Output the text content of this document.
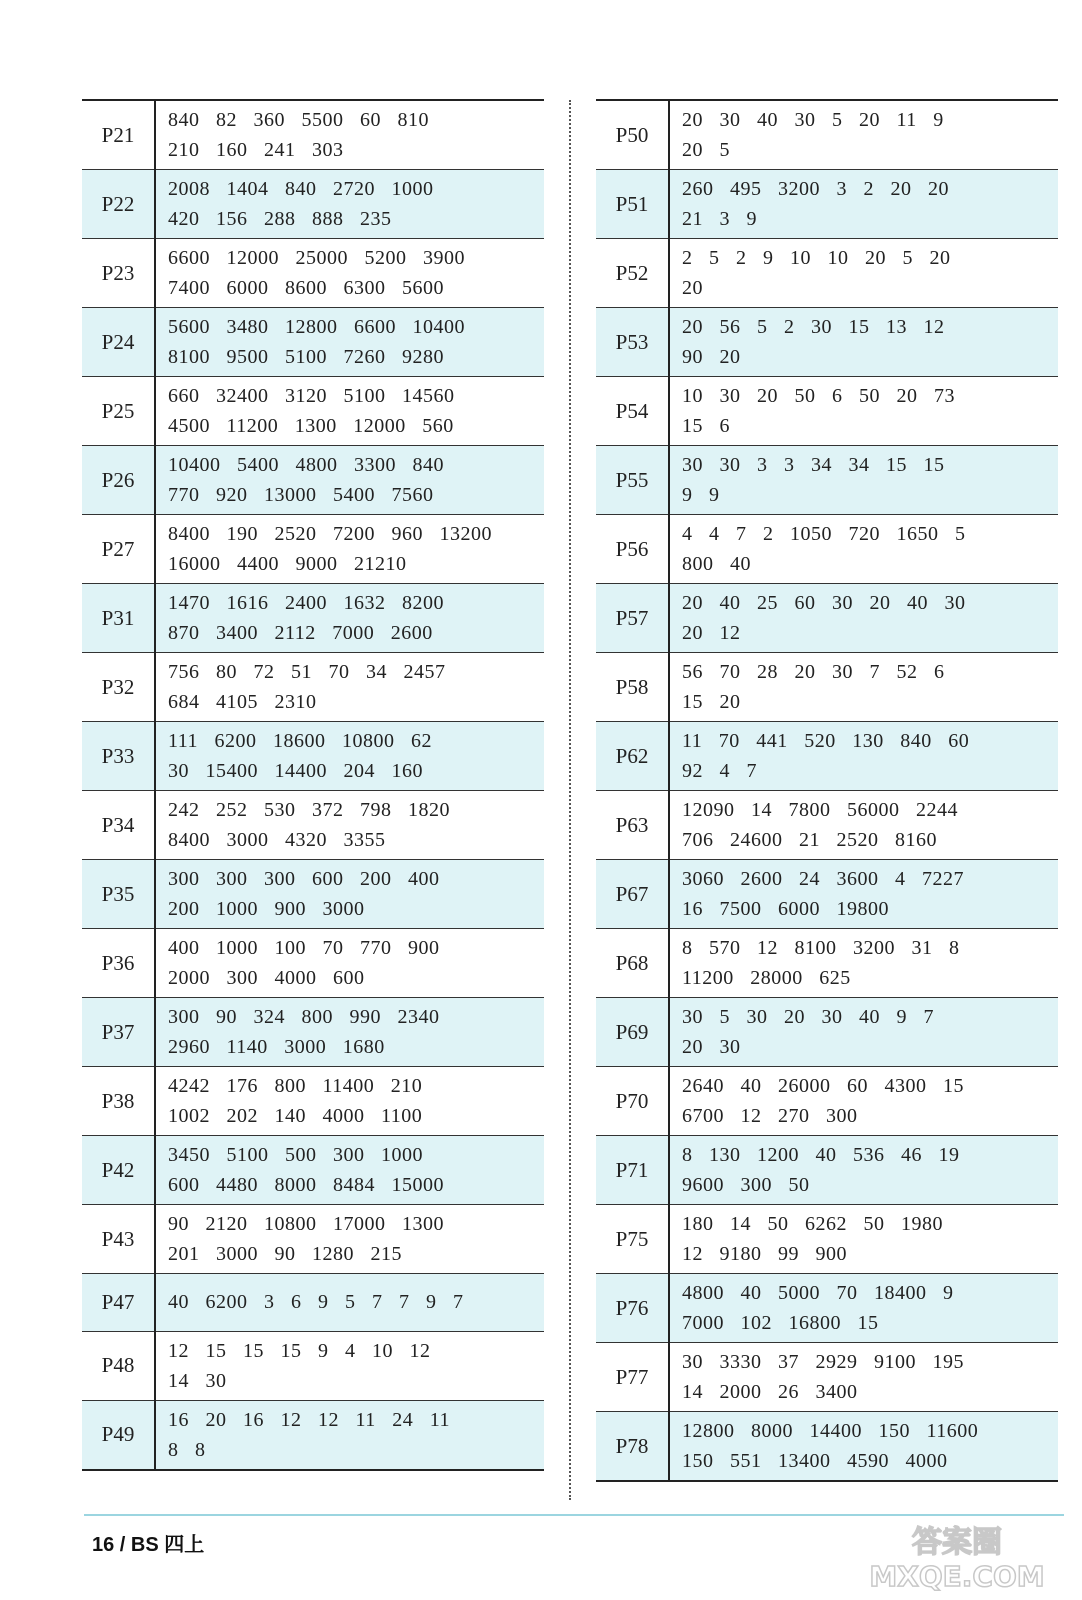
P21	840   82   360   5500   60   810
210   160   241   303

P22	2008   1404   840   2720   1000
420   156   288   888   235

P23	6600   12000   25000   5200   3900
7400   6000   8600   6300   5600

P24	5600   3480   12800   6600   10400
8100   9500   5100   7260   9280

P25	660   32400   3120   5100   14560
4500   11200   1300   12000   560

P26	10400   5400   4800   3300   840
770   920   13000   5400   7560

P27	8400   190   2520   7200   960   13200
16000   4400   9000   21210

P31	1470   1616   2400   1632   8200
870   3400   2112   7000   2600

P32	756   80   72   51   70   34   2457
684   4105   2310

P33	111   6200   18600   10800   62
30   15400   14400   204   160

P34	242   252   530   372   798   1820
8400   3000   4320   3355

P35	300   300   300   600   200   400
200   1000   900   3000

P36	400   1000   100   70   770   900
2000   300   4000   600

P37	300   90   324   800   990   2340
2960   1140   3000   1680

P38	4242   176   800   11400   210
1002   202   140   4000   1100

P42	3450   5100   500   300   1000
600   4480   8000   8484   15000

P43	90   2120   10800   17000   1300
201   3000   90   1280   215

P47	40   6200   3   6   9   5   7   7   9   7

P48	12   15   15   15   9   4   10   12
14   30

P49	16   20   16   12   12   11   24   11
8   8
P50	20   30   40   30   5   20   11   9
20   5

P51	260   495   3200   3   2   20   20
21   3   9

P52	2   5   2   9   10   10   20   5   20
20

P53	20   56   5   2   30   15   13   12
90   20

P54	10   30   20   50   6   50   20   73
15   6

P55	30   30   3   3   34   34   15   15
9   9

P56	4   4   7   2   1050   720   1650   5
800   40

P57	20   40   25   60   30   20   40   30
20   12

P58	56   70   28   20   30   7   52   6
15   20

P62	11   70   441   520   130   840   60
92   4   7

P63	12090   14   7800   56000   2244
706   24600   21   2520   8160

P67	3060   2600   24   3600   4   7227
16   7500   6000   19800

P68	8   570   12   8100   3200   31   8
11200   28000   625

P69	30   5   30   20   30   40   9   7
20   30

P70	2640   40   26000   60   4300   15
6700   12   270   300

P71	8   130   1200   40   536   46   19
9600   300   50

P75	180   14   50   6262   50   1980
12   9180   99   900

P76	4800   40   5000   70   18400   9
7000   102   16800   15

P77	30   3330   37   2929   9100   195
14   2000   26   3400

P78	12800   8000   14400   150   11600
150   551   13400   4590   4000
16 / BS 四上	答案圈
MXQE.COM
